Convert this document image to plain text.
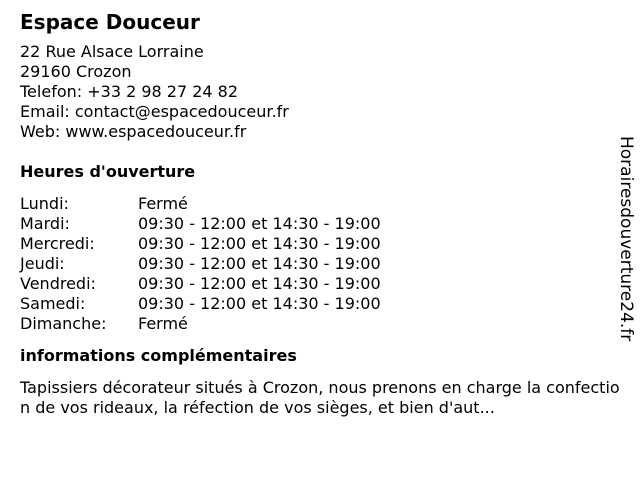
Espace Douceur
22 Rue Alsace Lorraine
29160 Crozon
Telefon: +33 2 98 27 24 82
Email: contact@espacedouceur.fr
Web: www.espacedouceur.fr
Heures d'ouverture
Lundi:	Fermé
Mardi:	09:30 - 12:00 et 14:30 - 19:00
Mercredi:	09:30 - 12:00 et 14:30 - 19:00
Jeudi:	09:30 - 12:00 et 14:30 - 19:00
Vendredi:	09:30 - 12:00 et 14:30 - 19:00
Samedi:	09:30 - 12:00 et 14:30 - 19:00
Dimanche:	Fermé
informations complémentaires
Tapissiers décorateur situés à Crozon, nous prenons en charge la confection de vos rideaux, la réfection de vos sièges, et bien d'aut...
Horairesdouverture24.fr
